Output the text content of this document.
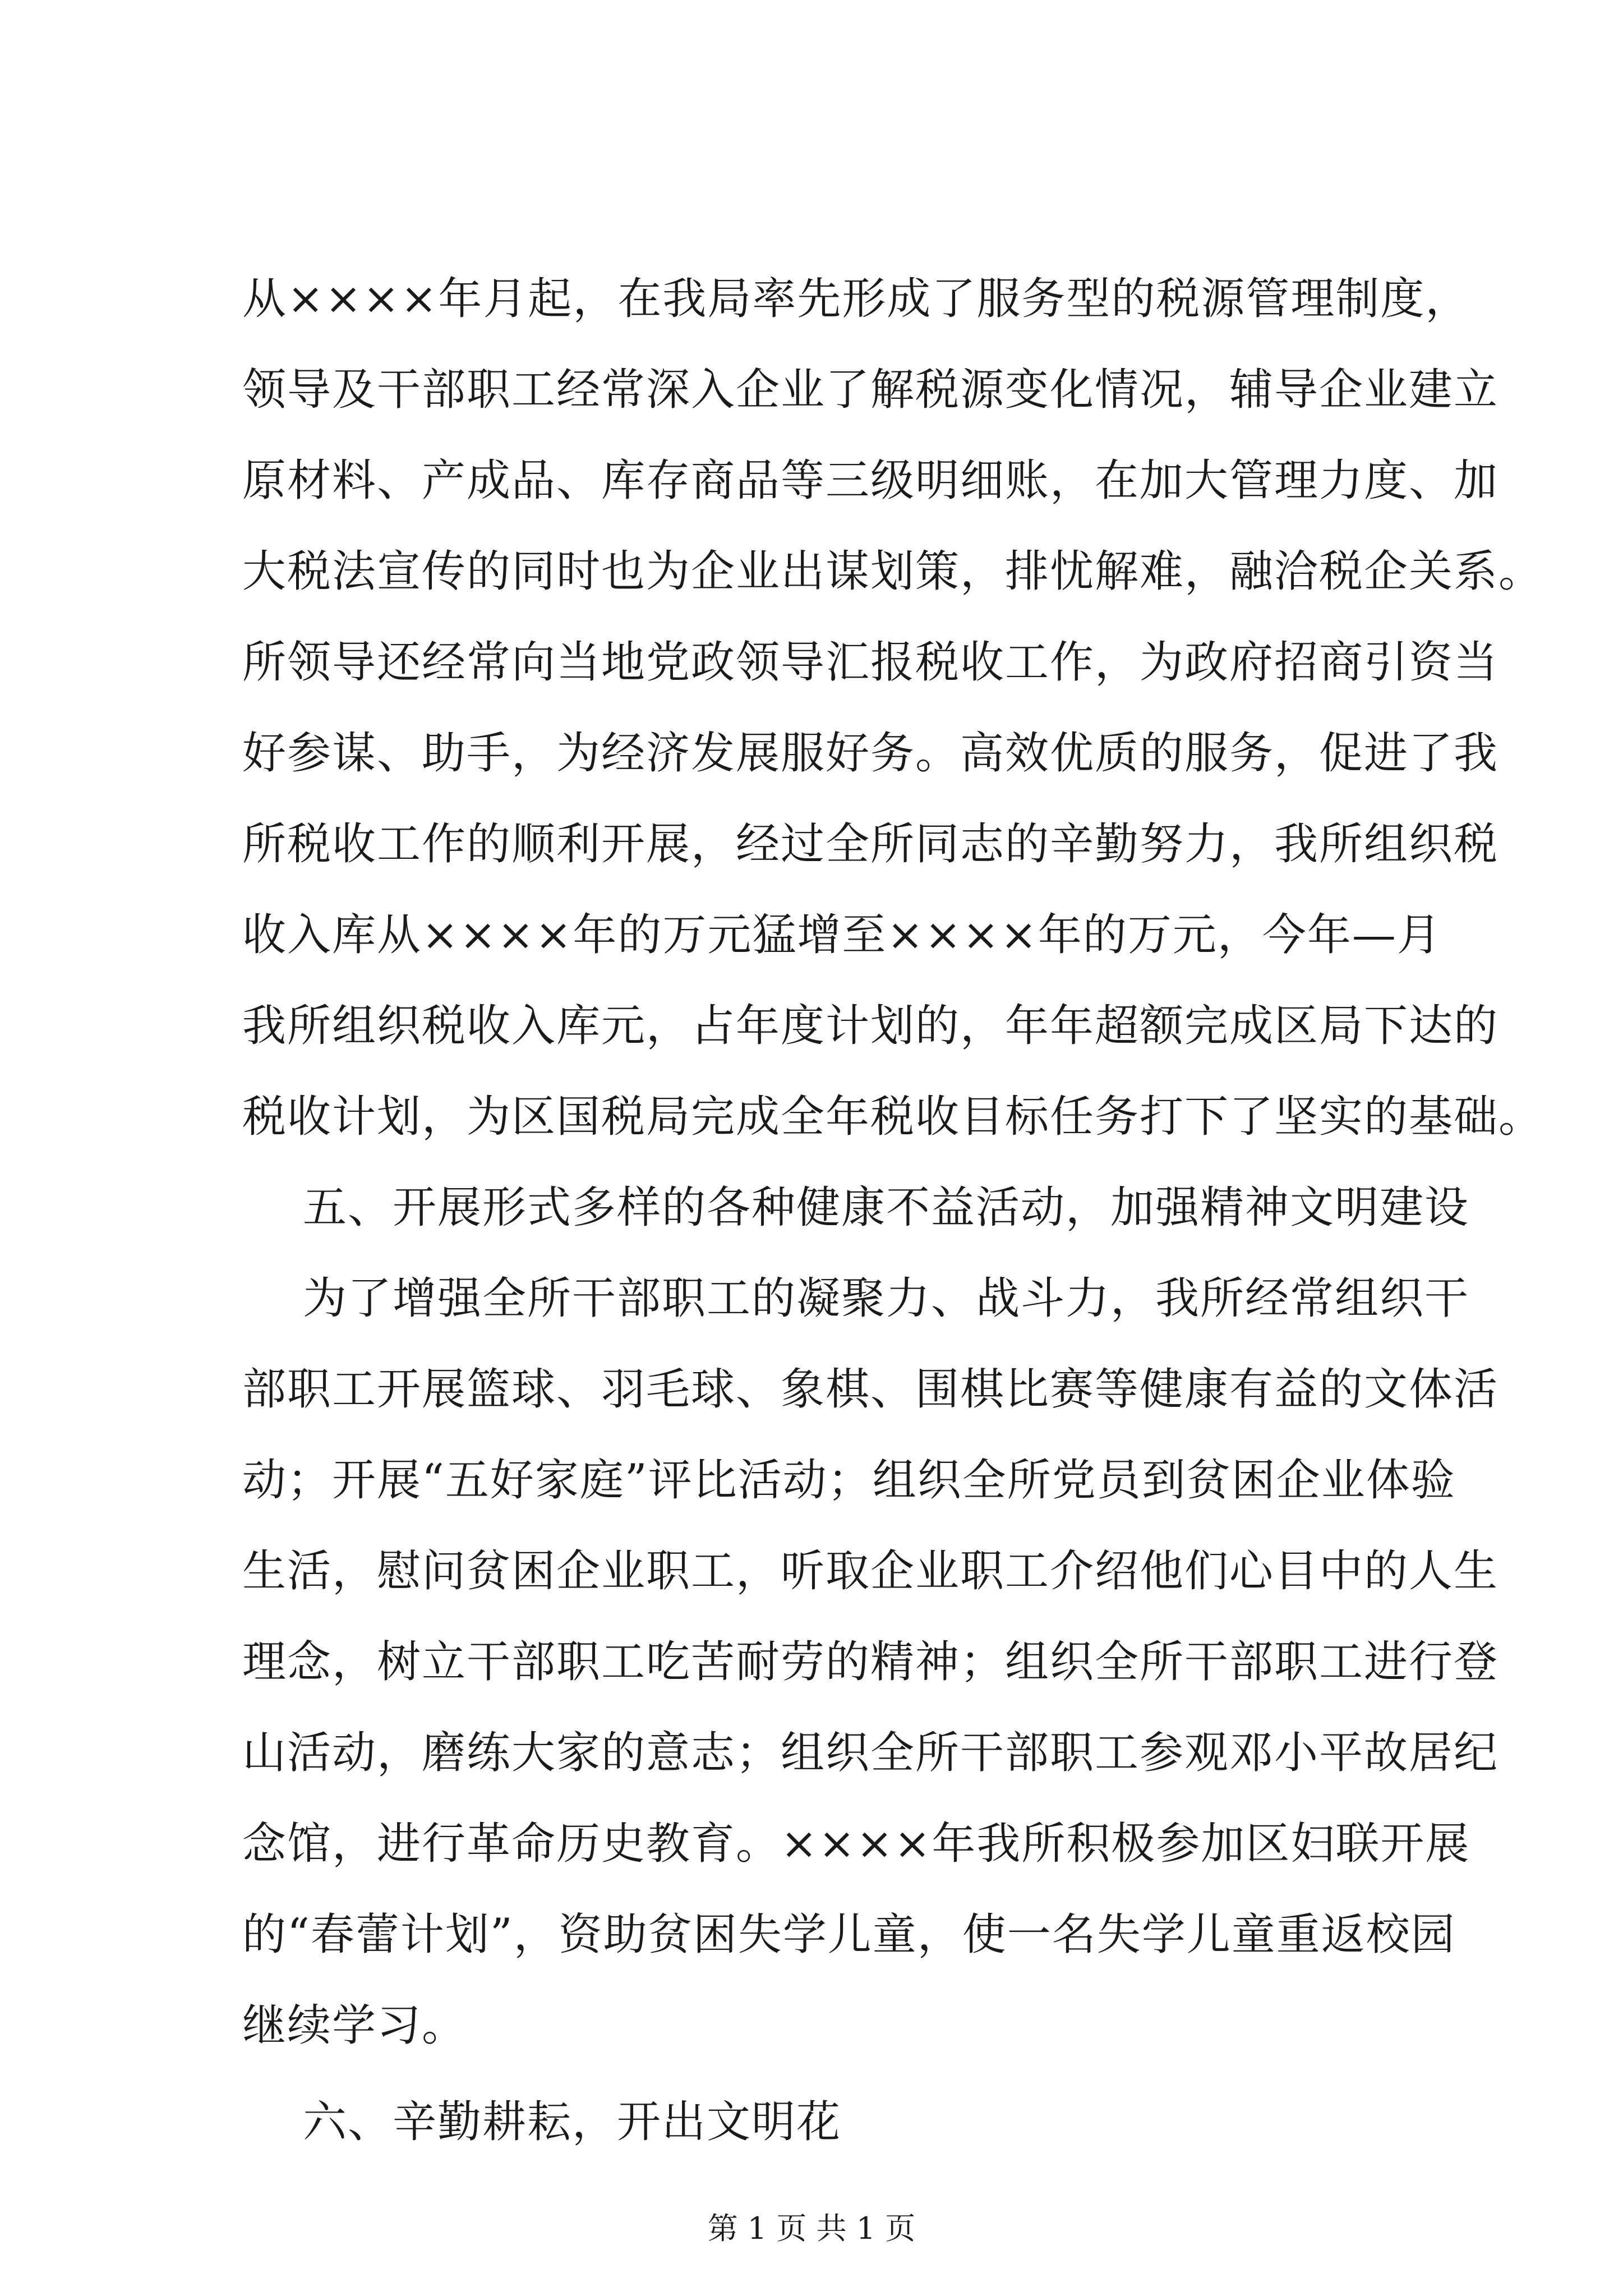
从××××年月起，在我局率先形成了服务型的税源管理制度，
领导及干部职工经常深入企业了解税源变化情况，辅导企业建立
原材料、产成品、库存商品等三级明细账，在加大管理力度、加
大税法宣传的同时也为企业出谋划策，排忧解难，融洽税企关系。
所领导还经常向当地党政领导汇报税收工作，为政府招商引资当
好参谋、助手，为经济发展服好务。高效优质的服务，促进了我
所税收工作的顺利开展，经过全所同志的辛勤努力，我所组织税
收入库从××××年的万元猛增至××××年的万元，今年—月
我所组织税收入库元，占年度计划的，年年超额完成区局下达的
税收计划，为区国税局完成全年税收目标任务打下了坚实的基础。
五、开展形式多样的各种健康不益活动，加强精神文明建设
为了增强全所干部职工的凝聚力、战斗力，我所经常组织干
部职工开展篮球、羽毛球、象棋、围棋比赛等健康有益的文体活
动；开展“五好家庭”评比活动；组织全所党员到贫困企业体验
生活，慰问贫困企业职工，听取企业职工介绍他们心目中的人生
理念，树立干部职工吃苦耐劳的精神；组织全所干部职工进行登
山活动，磨练大家的意志；组织全所干部职工参观邓小平故居纪
念馆，进行革命历史教育。××××年我所积极参加区妇联开展
的“春蕾计划”，资助贫困失学儿童，使一名失学儿童重返校园
继续学习。
六、辛勤耕耘，开出文明花
第 1 页 共 1 页
